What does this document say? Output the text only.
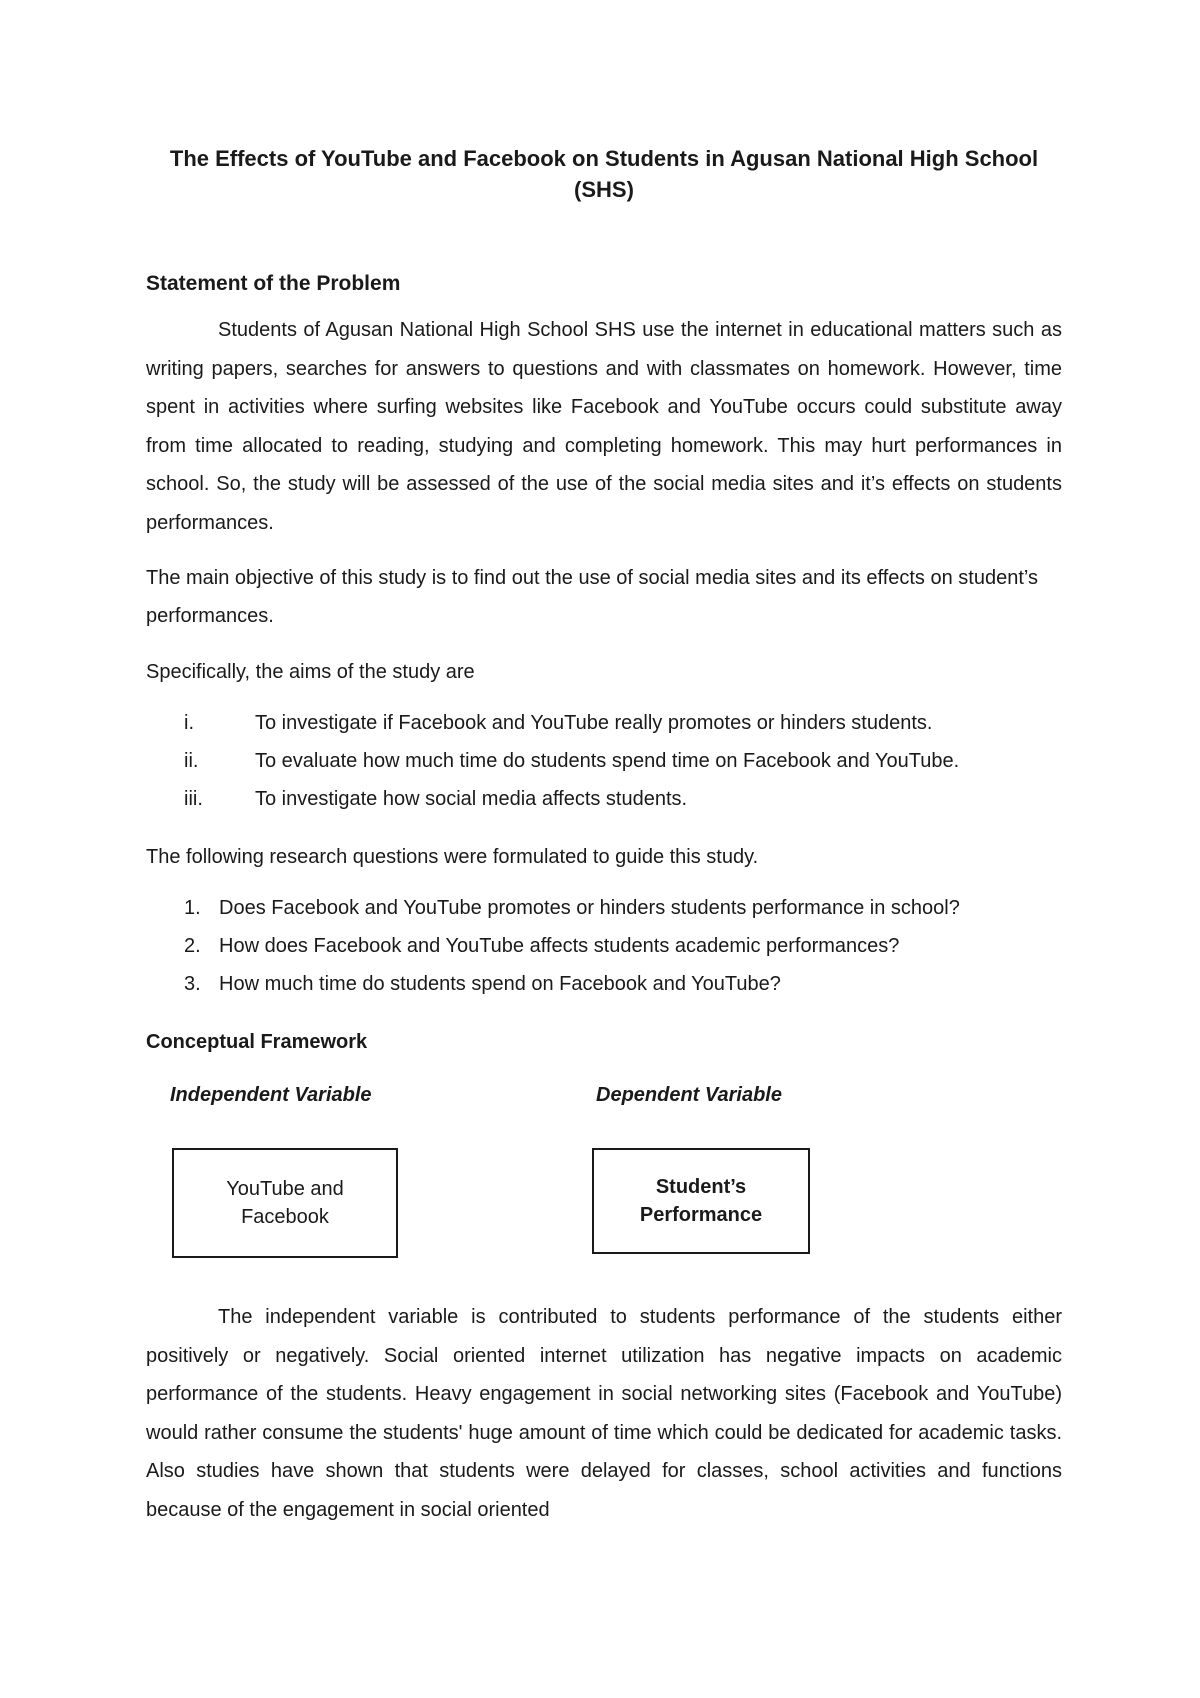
The Effects of YouTube and Facebook on Students in Agusan National High School (SHS)
Statement of the Problem

Students of Agusan National High School SHS use the internet in educational matters such as writing papers, searches for answers to questions and with classmates on homework. However, time spent in activities where surfing websites like Facebook and YouTube occurs could substitute away from time allocated to reading, studying and completing homework. This may hurt performances in school. So, the study will be assessed of the use of the social media sites and it’s effects on students performances.

The main objective of this study is to find out the use of social media sites and its effects on student’s performances.

Specifically, the aims of the study are

i.	To investigate if Facebook and YouTube really promotes or hinders students.
ii.	To evaluate how much time do students spend time on Facebook and YouTube.
iii.	To investigate how social media affects students.

The following research questions were formulated to guide this study.

1. Does Facebook and YouTube promotes or hinders students performance in school?
2. How does Facebook and YouTube affects students academic performances?
3. How much time do students spend on Facebook and YouTube?
Conceptual Framework

Independent Variable	Dependent Variable

YouTube and
Facebook
Student’s
Performance

The independent variable is contributed to students performance of the students either positively or negatively. Social oriented internet utilization has negative impacts on academic performance of the students. Heavy engagement in social networking sites (Facebook and YouTube) would rather consume the students' huge amount of time which could be dedicated for academic tasks. Also studies have shown that students were delayed for classes, school activities and functions because of the engagement in social oriented
